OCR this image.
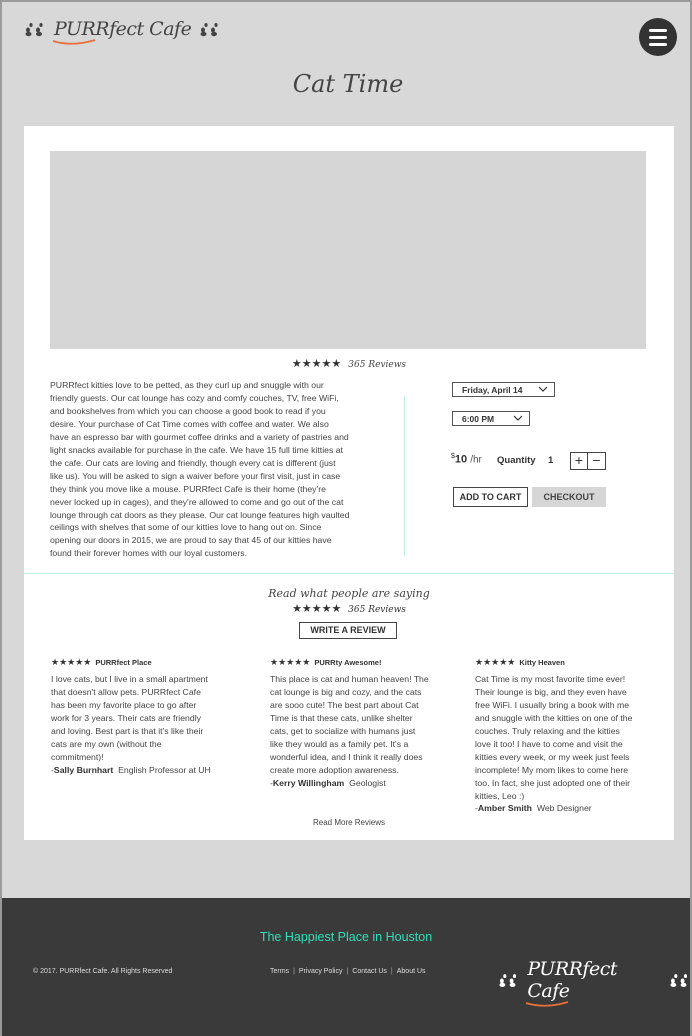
PURRfect Cafe
Cat Time
★★★★★ 365 Reviews
PURRfect kitties love to be petted, as they curl up and snuggle with our friendly guests. Our cat lounge has cozy and comfy couches, TV, free WiFi, and bookshelves from which you can choose a good book to read if you desire. Your purchase of Cat Time comes with coffee and water. We also have an espresso bar with gourmet coffee drinks and a variety of pastries and light snacks available for purchase in the cafe. We have 15 full time kitties at the cafe. Our cats are loving and friendly, though every cat is different (just like us). You will be asked to sign a waiver before your first visit, just in case they think you move like a mouse. PURRfect Cafe is their home (they're never locked up in cages), and they're allowed to come and go out of the cat lounge through cat doors as they please. Our cat lounge features high vaulted ceilings with shelves that some of our kitties love to hang out on. Since opening our doors in 2015, we are proud to say that 45 of our kitties have found their forever homes with our loyal customers.
Friday, April 14
6:00 PM
$10 /hr Quantity 1 + −
ADD TO CART	CHECKOUT
Read what people are saying
★★★★★ 365 Reviews
WRITE A REVIEW
★★★★★ PURRfect Place
I love cats, but I live in a small apartment that doesn't allow pets. PURRfect Cafe has been my favorite place to go after work for 3 years. Their cats are friendly and loving. Best part is that it's like their cats are my own (without the commitment)!
-Sally Burnhart English Professor at UH
★★★★★ PURRty Awesome!
This place is cat and human heaven! The cat lounge is big and cozy, and the cats are sooo cute! The best part about Cat Time is that these cats, unlike shelter cats, get to socialize with humans just like they would as a family pet. It's a wonderful idea, and I think it really does create more adoption awareness.
-Kerry Willingham Geologist
★★★★★ Kitty Heaven
Cat Time is my most favorite time ever! Their lounge is big, and they even have free WiFi. I usually bring a book with me and snuggle with the kitties on one of the couches. Truly relaxing and the kitties love it too! I have to come and visit the kitties every week, or my week just feels incomplete! My mom likes to come here too. In fact, she just adopted one of their kitties, Leo :)
-Amber Smith Web Designer
Read More Reviews
The Happiest Place in Houston
© 2017. PURRfect Cafe. All Rights Reserved	Terms | Privacy Policy | Contact Us | About Us	PURRfect Cafe
